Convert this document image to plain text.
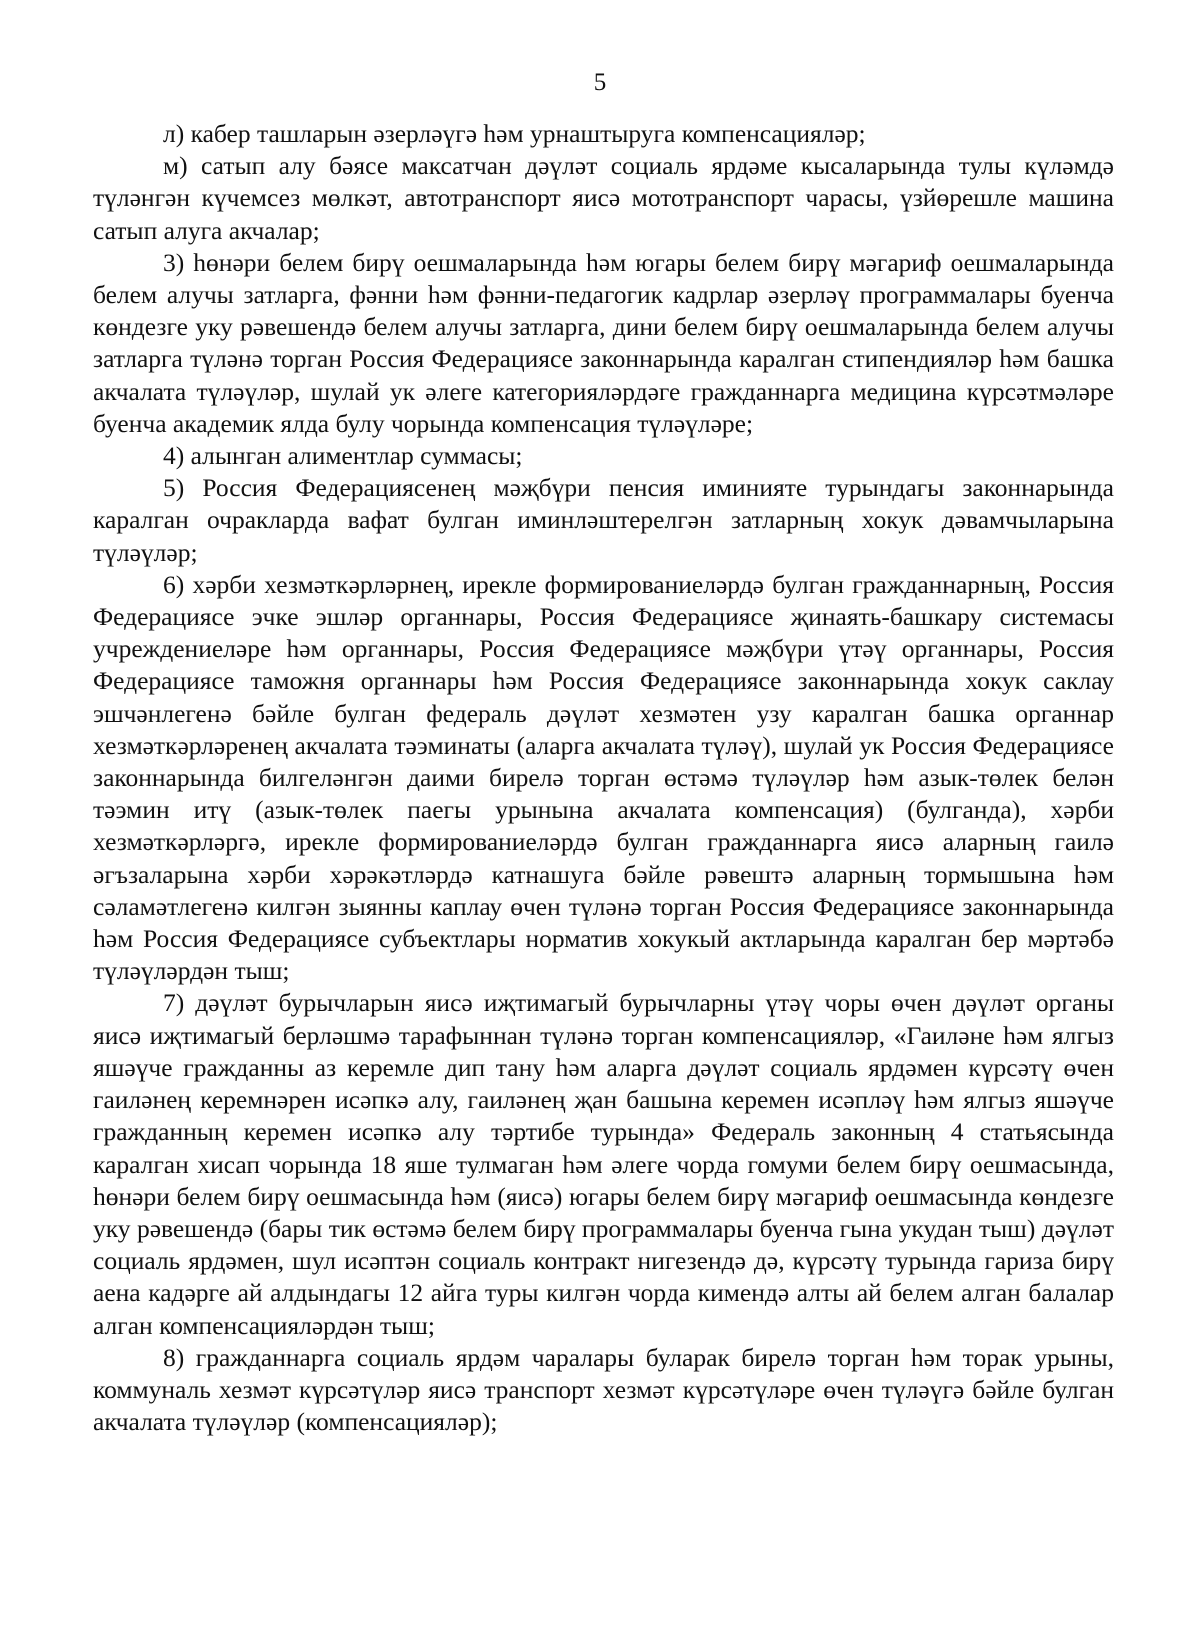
5

л) кабер ташларын әзерләүгә һәм урнаштыруга компенсацияләр;

м) сатып алу бәясе максатчан дәүләт социаль ярдәме кысаларында тулы күләмдә түләнгән күчемсез мөлкәт, автотранспорт яисә мототранспорт чарасы, үзйөрешле машина сатып алуга акчалар;

3) һөнәри белем бирү оешмаларында һәм югары белем бирү мәгариф оешмаларында белем алучы затларга, фәнни һәм фәнни-педагогик кадрлар әзерләү программалары буенча көндезге уку рәвешендә белем алучы затларга, дини белем бирү оешмаларында белем алучы затларга түләнә торган Россия Федерациясе законнарында каралган стипендияләр һәм башка акчалата түләүләр, шулай ук әлеге категорияләрдәге гражданнарга медицина күрсәтмәләре буенча академик ялда булу чорында компенсация түләүләре;

4) алынган алиментлар суммасы;

5) Россия Федерациясенең мәҗбүри пенсия иминияте турындагы законнарында каралган очракларда вафат булган иминләштерелгән затларның хокук дәвамчыларына түләүләр;

6) хәрби хезмәткәрләрнең, ирекле формированиеләрдә булган гражданнарның, Россия Федерациясе эчке эшләр органнары, Россия Федерациясе җинаять-башкару системасы учреждениеләре һәм органнары, Россия Федерациясе мәҗбүри үтәү органнары, Россия Федерациясе таможня органнары һәм Россия Федерациясе законнарында хокук саклау эшчәнлегенә бәйле булган федераль дәүләт хезмәтен узу каралган башка органнар хезмәткәрләренең акчалата тәэминаты (аларга акчалата түләү), шулай ук Россия Федерациясе законнарында билгеләнгән даими бирелә торган өстәмә түләүләр һәм азык-төлек белән тәэмин итү (азык-төлек паегы урынына акчалата компенсация) (булганда), хәрби хезмәткәрләргә, ирекле формированиеләрдә булган гражданнарга яисә аларның гаилә әгъзаларына хәрби хәрәкәтләрдә катнашуга бәйле рәвештә аларның тормышына һәм сәламәтлегенә килгән зыянны каплау өчен түләнә торган Россия Федерациясе законнарында һәм Россия Федерациясе субъектлары норматив хокукый актларында каралган бер мәртәбә түләүләрдән тыш;

7) дәүләт бурычларын яисә иҗтимагый бурычларны үтәү чоры өчен дәүләт органы яисә иҗтимагый берләшмә тарафыннан түләнә торган компенсацияләр, «Гаиләне һәм ялгыз яшәүче гражданны аз керемле дип тану һәм аларга дәүләт социаль ярдәмен күрсәтү өчен гаиләнең керемнәрен исәпкә алу, гаиләнең җан башына керемен исәпләү һәм ялгыз яшәүче гражданның керемен исәпкә алу тәртибе турында» Федераль законның 4 статьясында каралган хисап чорында 18 яше тулмаган һәм әлеге чорда гомуми белем бирү оешмасында, һөнәри белем бирү оешмасында һәм (яисә) югары белем бирү мәгариф оешмасында көндезге уку рәвешендә (бары тик өстәмә белем бирү программалары буенча гына укудан тыш) дәүләт социаль ярдәмен, шул исәптән социаль контракт нигезендә дә, күрсәтү турында гариза бирү аена кадәрге ай алдындагы 12 айга туры килгән чорда кимендә алты ай белем алган балалар алган компенсацияләрдән тыш;

8) гражданнарга социаль ярдәм чаралары буларак бирелә торган һәм торак урыны, коммуналь хезмәт күрсәтүләр яисә транспорт хезмәт күрсәтүләре өчен түләүгә бәйле булган акчалата түләүләр (компенсацияләр);
